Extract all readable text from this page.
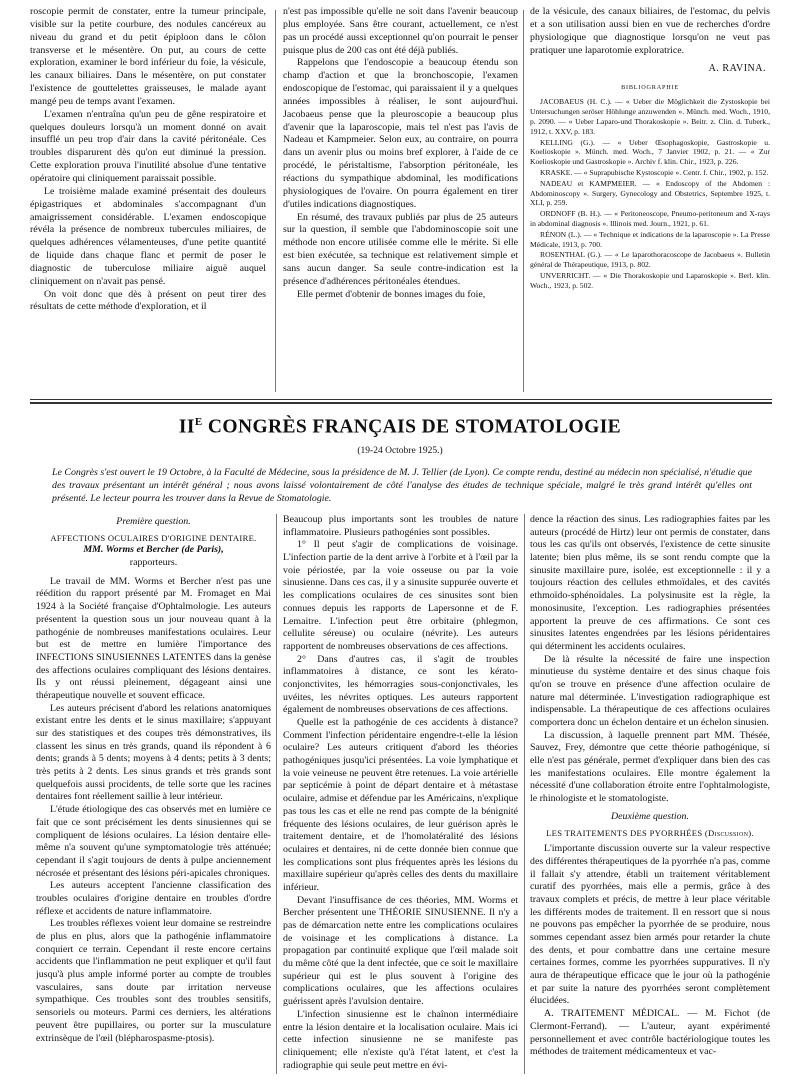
roscopie permit de constater, entre la tumeur principale, visible sur la petite courbure, des nodules cancéreux au niveau du grand et du petit épiploon dans le côlon transverse et le mésentère. On put, au cours de cette exploration, examiner le bord inférieur du foie, la vésicule, les canaux biliaires. Dans le mésentère, on put constater l'existence de gouttelettes graisseuses, le malade ayant mangé peu de temps avant l'examen.

L'examen n'entraîna qu'un peu de gêne respiratoire et quelques douleurs lorsqu'à un moment donné on avait insufflé un peu trop d'air dans la cavité péritonéale. Ces troubles disparurent dès qu'on eut diminué la pression. Cette exploration prouva l'inutilité absolue d'une tentative opératoire qui cliniquement paraissait possible.

Le troisième malade examiné présentait des douleurs épigastriques et abdominales s'accompagnant d'un amaigrissement considérable. L'examen endoscopique révéla la présence de nombreux tubercules miliaires, de quelques adhérences vélamenteuses, d'une petite quantité de liquide dans chaque flanc et permit de poser le diagnostic de tuberculose miliaire aiguë auquel cliniquement on n'avait pas pensé.

On voit donc que dès à présent on peut tirer des résultats de cette méthode d'exploration, et il

n'est pas impossible qu'elle ne soit dans l'avenir beaucoup plus employée. Sans être courant, actuellement, ce n'est pas un procédé aussi exceptionnel qu'on pourrait le penser puisque plus de 200 cas ont été déjà publiés.

Rappelons que l'endoscopie a beaucoup étendu son champ d'action et que la bronchoscopie, l'examen endoscopique de l'estomac, qui paraissaient il y a quelques années impossibles à réaliser, le sont aujourd'hui. Jacobaeus pense que la pleuroscopie a beaucoup plus d'avenir que la laparoscopie, mais tel n'est pas l'avis de Nadeau et Kampmeier. Selon eux, au contraire, on pourra dans un avenir plus ou moins bref explorer, à l'aide de ce procédé, le péristaltisme, l'absorption péritonéale, les réactions du sympathique abdominal, les modifications physiologiques de l'ovaire. On pourra également en tirer d'utiles indications diagnostiques.

En résumé, des travaux publiés par plus de 25 auteurs sur la question, il semble que l'abdominoscopie soit une méthode non encore utilisée comme elle le mérite. Si elle est bien exécutée, sa technique est relativement simple et sans aucun danger. Sa seule contre-indication est la présence d'adhérences péritonéales étendues.

Elle permet d'obtenir de bonnes images du foie,

de la vésicule, des canaux biliaires, de l'estomac, du pelvis et a son utilisation aussi bien en vue de recherches d'ordre physiologique que diagnostique lorsqu'on ne veut pas pratiquer une laparotomie exploratrice.

A. RAVINA.
BIBLIOGRAPHIE

JACOBAEUS (H. C.). — « Ueber die Möglichkeit die Zystoskopie bei Untersuchungen seröser Höhlunge anzuwenden ». Münch. med. Woch., 1910, p. 2090. — « Ueber Laparo-und Thorakoskopie ». Beitr. z. Clin. d. Tuberk., 1912, t. XXV, p. 183.

KELLING (G.). — « Ueber Œsophagoskopie, Gastroskopie u. Koelioskopie ». Münch. med. Woch., 7 Janvier 1902, p. 21. — « Zur Koelioskopie und Gastroskopie ». Archiv f. klin. Chir., 1923, p. 226.

KRASKE. — « Suprapubische Kystoscopie ». Centr. f. Chir., 1902, p. 152.

NADEAU et KAMPMEIER. — « Endoscopy of the Abdomen : Abdominoscopy ». Surgery, Gynecology and Obstetrics, Septembre 1925, t. XLI, p. 259.

ORDNOFF (B. H.). — « Peritoneoscope, Pneumo-peritoneum and X-rays in abdominal diagnosis ». Illinois med. Journ., 1921, p. 61.

RÉNON (L.). — « Technique et indications de la laparoscopie ». La Presse Médicale, 1913, p. 700.

ROSENTHAL (G.). — « Le laparothoracoscope de Jacobaeus ». Bulletin général de Thérapeutique, 1913, p. 802.

UNVERRICHT. — « Die Thorakoskopie und Laparoskopie ». Berl. klin. Woch., 1923, p. 502.

$II^E$ CONGRÈS FRANÇAIS DE STOMATOLOGIE
(19-24 Octobre 1925.)
Le Congrès s'est ouvert le 19 Octobre, à la Faculté de Médecine, sous la présidence de M. J. Tellier (de Lyon). Ce compte rendu, destiné au médecin non spécialisé, n'étudie que des travaux présentant un intérêt général ; nous avons laissé volontairement de côté l'analyse des études de technique spéciale, malgré le très grand intérêt qu'elles ont présenté. Le lecteur pourra les trouver dans la Revue de Stomatologie.

Première question.

AFFECTIONS OCULAIRES D'ORIGINE DENTAIRE.

MM. Worms et Bercher (de Paris),

rapporteurs.

Le travail de MM. Worms et Bercher n'est pas une réédition du rapport présenté par M. Fromaget en Mai 1924 à la Société française d'Ophtalmologie. Les auteurs présentent la question sous un jour nouveau quant à la pathogénie de nombreuses manifestations oculaires. Leur but est de mettre en lumière l'importance des INFECTIONS SINUSIENNES LATENTES dans la genèse des affections oculaires compliquant des lésions dentaires. Ils y ont réussi pleinement, dégageant ainsi une thérapeutique nouvelle et souvent efficace.

Les auteurs précisent d'abord les relations anatomiques existant entre les dents et le sinus maxillaire; s'appuyant sur des statistiques et des coupes très démonstratives, ils classent les sinus en très grands, quand ils répondent à 6 dents; grands à 5 dents; moyens à 4 dents; petits à 3 dents; très petits à 2 dents. Les sinus grands et très grands sont quelquefois aussi procidents, de telle sorte que les racines dentaires font réellement saillie à leur intérieur.

L'étude étiologique des cas observés met en lumière ce fait que ce sont précisément les dents sinusiennes qui se compliquent de lésions oculaires. La lésion dentaire elle-même n'a souvent qu'une symptomatologie très atténuée; cependant il s'agit toujours de dents à pulpe anciennement nécrosée et présentant des lésions péri-apicales chroniques.

Les auteurs acceptent l'ancienne classification des troubles oculaires d'origine dentaire en troubles d'ordre réflexe et accidents de nature inflammatoire.

Les troubles réflexes voient leur domaine se restreindre de plus en plus, alors que la pathogénie inflammatoire conquiert ce terrain. Cependant il reste encore certains accidents que l'inflammation ne peut expliquer et qu'il faut jusqu'à plus ample informé porter au compte de troubles vasculaires, sans doute par irritation nerveuse sympathique. Ces troubles sont des troubles sensitifs, sensoriels ou moteurs. Parmi ces derniers, les altérations peuvent être pupillaires, ou porter sur la musculature extrinsèque de l'œil (blépharospasme-ptosis).

Beaucoup plus importants sont les troubles de nature inflammatoire. Plusieurs pathogénies sont possibles.

1° Il peut s'agir de complications de voisinage. L'infection partie de la dent arrive à l'orbite et à l'œil par la voie périostée, par la voie osseuse ou par la voie sinusienne. Dans ces cas, il y a sinusite suppurée ouverte et les complications oculaires de ces sinusites sont bien connues depuis les rapports de Lapersonne et de F. Lemaitre. L'infection peut être orbitaire (phlegmon, cellulite séreuse) ou oculaire (névrite). Les auteurs rapportent de nombreuses observations de ces affections.

2° Dans d'autres cas, il s'agit de troubles inflammatoires à distance, ce sont les kérato-conjonctivites, les hémorragies sous-conjonctivales, les uvéites, les névrites optiques. Les auteurs rapportent également de nombreuses observations de ces affections.

Quelle est la pathogénie de ces accidents à distance? Comment l'infection péridentaire engendre-t-elle la lésion oculaire? Les auteurs critiquent d'abord les théories pathogéniques jusqu'ici présentées. La voie lymphatique et la voie veineuse ne peuvent être retenues. La voie artérielle par septicémie à point de départ dentaire et à métastase oculaire, admise et défendue par les Américains, n'explique pas tous les cas et elle ne rend pas compte de la bénignité fréquente des lésions oculaires, de leur guérison après le traitement dentaire, et de l'homolatéralité des lésions oculaires et dentaires, ni de cette donnée bien connue que les complications sont plus fréquentes après les lésions du maxillaire supérieur qu'après celles des dents du maxillaire inférieur.

Devant l'insuffisance de ces théories, MM. Worms et Bercher présentent une THÉORIE SINUSIENNE. Il n'y a pas de démarcation nette entre les complications oculaires de voisinage et les complications à distance. La propagation par continuité explique que l'œil malade soit du même côté que la dent infectée, que ce soit le maxillaire supérieur qui est le plus souvent à l'origine des complications oculaires, que les affections oculaires guérissent après l'avulsion dentaire.

L'infection sinusienne est le chaînon intermédiaire entre la lésion dentaire et la localisation oculaire. Mais ici cette infection sinusienne ne se manifeste pas cliniquement; elle n'existe qu'à l'état latent, et c'est la radiographie qui seule peut mettre en évi-

dence la réaction des sinus. Les radiographies faites par les auteurs (procédé de Hirtz) leur ont permis de constater, dans tous les cas qu'ils ont observés, l'existence de cette sinusite latente; bien plus même, ils se sont rendu compte que la sinusite maxillaire pure, isolée, est exceptionnelle : il y a toujours réaction des cellules ethmoïdales, et des cavités ethmoïdo-sphénoïdales. La polysinusite est la règle, la monosinusite, l'exception. Les radiographies présentées apportent la preuve de ces affirmations. Ce sont ces sinusites latentes engendrées par les lésions péridentaires qui déterminent les accidents oculaires.

De là résulte la nécessité de faire une inspection minutieuse du système dentaire et des sinus chaque fois qu'on se trouve en présence d'une affection oculaire de nature mal déterminée. L'investigation radiographique est indispensable. La thérapeutique de ces affections oculaires comportera donc un échelon dentaire et un échelon sinusien.

La discussion, à laquelle prennent part MM. Thésée, Sauvez, Frey, démontre que cette théorie pathogénique, si elle n'est pas générale, permet d'expliquer dans bien des cas les manifestations oculaires. Elle montre également la nécessité d'une collaboration étroite entre l'ophtalmologiste, le rhinologiste et le stomatologiste.

Deuxième question.

LES TRAITEMENTS DES PYORRHÉES (Discussion).

L'importante discussion ouverte sur la valeur respective des différentes thérapeutiques de la pyorrhée n'a pas, comme il fallait s'y attendre, établi un traitement véritablement curatif des pyorrhées, mais elle a permis, grâce à des travaux complets et précis, de mettre à leur place véritable les différents modes de traitement. Il en ressort que si nous ne pouvons pas empêcher la pyorrhée de se produire, nous sommes cependant assez bien armés pour retarder la chute des dents, et pour combattre dans une certaine mesure certaines formes, comme les pyorrhées suppuratives. Il n'y aura de thérapeutique efficace que le jour où la pathogénie et par suite la nature des pyorrhées seront complètement élucidées.

A. TRAITEMENT MÉDICAL. — M. Fichot (de Clermont-Ferrand). — L'auteur, ayant expérimenté personnellement et avec contrôle bactériologique toutes les méthodes de traitement médicamenteux et vac-
